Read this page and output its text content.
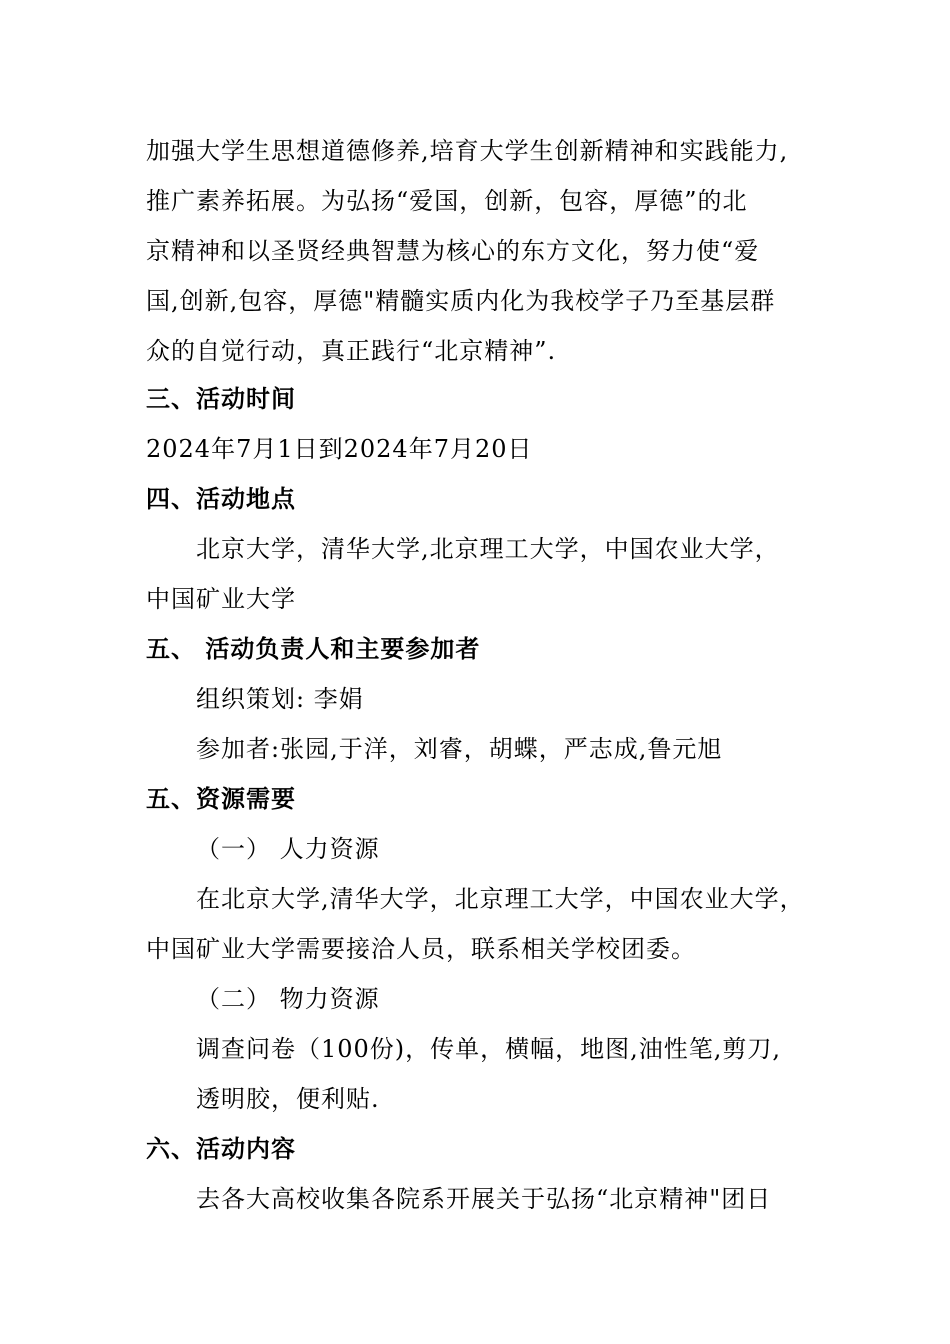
加强大学生思想道德修养,培育大学生创新精神和实践能力,
推广素养拓展。为弘扬“爱国，创新，包容，厚德”的北
京精神和以圣贤经典智慧为核心的东方文化，努力使“爱
国,创新,包容，厚德"精髓实质内化为我校学子乃至基层群
众的自觉行动，真正践行“北京精神”.
三、活动时间
2024年7月1日到2024年7月20日
四、活动地点
北京大学，清华大学,北京理工大学，中国农业大学，
中国矿业大学
五、 活动负责人和主要参加者
组织策划: 李娟
参加者:张园,于洋，刘睿，胡蝶，严志成,鲁元旭
五、资源需要
（一） 人力资源
在北京大学,清华大学，北京理工大学，中国农业大学，
中国矿业大学需要接洽人员，联系相关学校团委。
（二） 物力资源
调查问卷（100份)，传单，横幅，地图,油性笔,剪刀,
透明胶，便利贴.
六、活动内容
去各大高校收集各院系开展关于弘扬“北京精神"团日
